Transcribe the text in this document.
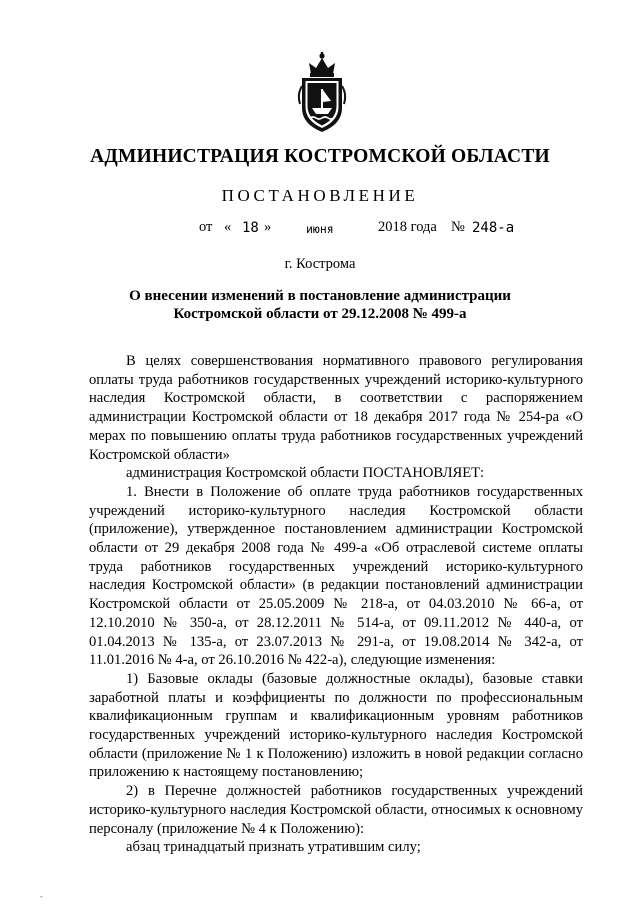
АДМИНИСТРАЦИЯ КОСТРОМСКОЙ ОБЛАСТИ
ПОСТАНОВЛЕНИЕ
от « 18 »	июня	2018 года № 248-а
г. Кострома
О внесении изменений в постановление администрации
Костромской области от 29.12.2008 № 499-а

В целях совершенствования нормативного правового регулирования оплаты труда работников государственных учреждений историко-культурного наследия Костромской области, в соответствии с распоряжением администрации Костромской области от 18 декабря 2017 года № 254-ра «О мерах по повышению оплаты труда работников государственных учреждений Костромской области»

администрация Костромской области ПОСТАНОВЛЯЕТ:

1. Внести в Положение об оплате труда работников государственных учреждений историко-культурного наследия Костромской области (приложение), утвержденное постановлением администрации Костромской области от 29 декабря 2008 года № 499-а «Об отраслевой системе оплаты труда работников государственных учреждений историко-культурного наследия Костромской области» (в редакции постановлений администрации Костромской области от 25.05.2009 № 218-а, от 04.03.2010 № 66-а, от 12.10.2010 № 350-а, от 28.12.2011 № 514-а, от 09.11.2012 № 440-а, от 01.04.2013 № 135-а, от 23.07.2013 № 291-а, от 19.08.2014 № 342-а, от 11.01.2016 № 4-а, от 26.10.2016 № 422-а), следующие изменения:

1) Базовые оклады (базовые должностные оклады), базовые ставки заработной платы и коэффициенты по должности по профессиональным квалификационным группам и квалификационным уровням работников государственных учреждений историко-культурного наследия Костромской области (приложение № 1 к Положению) изложить в новой редакции согласно приложению к настоящему постановлению;

2) в Перечне должностей работников государственных учреждений историко-культурного наследия Костромской области, относимых к основному персоналу (приложение № 4 к Положению):

абзац тринадцатый признать утратившим силу;

-
